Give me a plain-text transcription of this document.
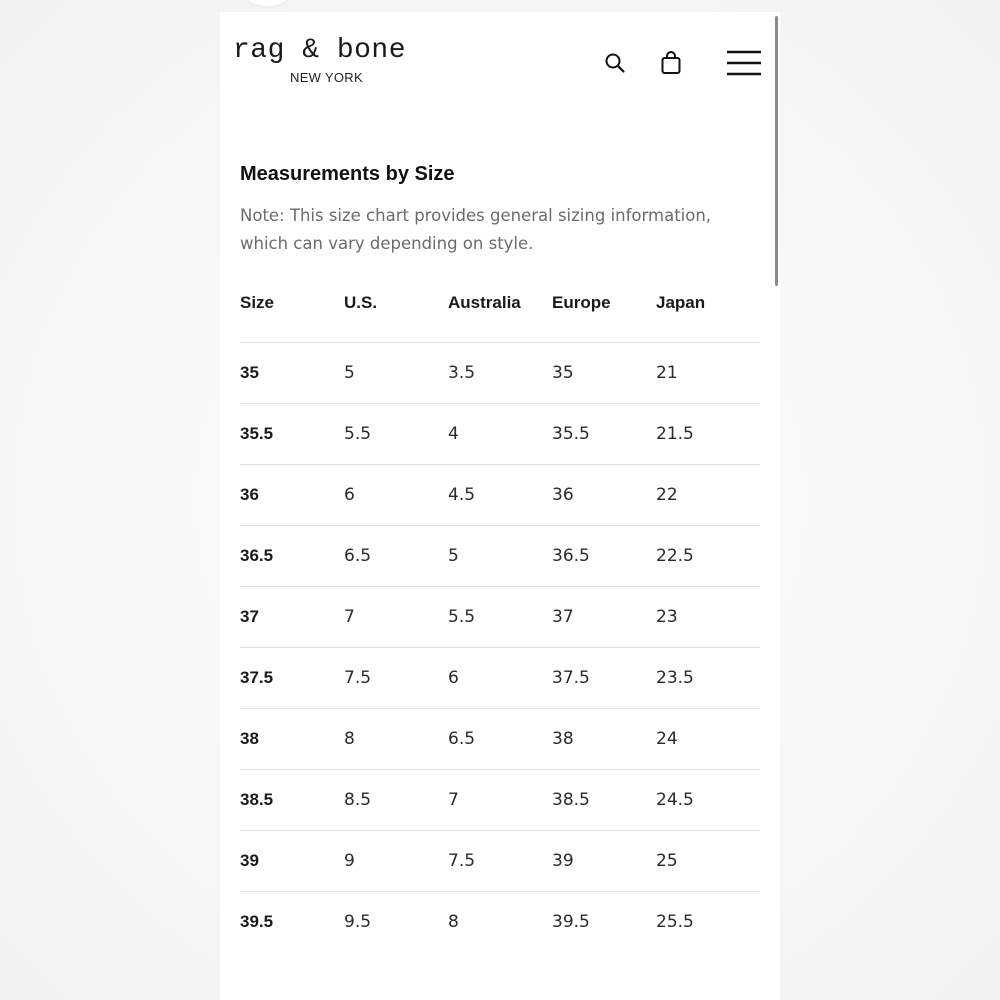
rag & bone
NEW YORK
Measurements by Size
Note: This size chart provides general sizing information, which can vary depending on style.
Size	U.S.	Australia	Europe	Japan
35	5	3.5	35	21
35.5	5.5	4	35.5	21.5
36	6	4.5	36	22
36.5	6.5	5	36.5	22.5
37	7	5.5	37	23
37.5	7.5	6	37.5	23.5
38	8	6.5	38	24
38.5	8.5	7	38.5	24.5
39	9	7.5	39	25
39.5	9.5	8	39.5	25.5
